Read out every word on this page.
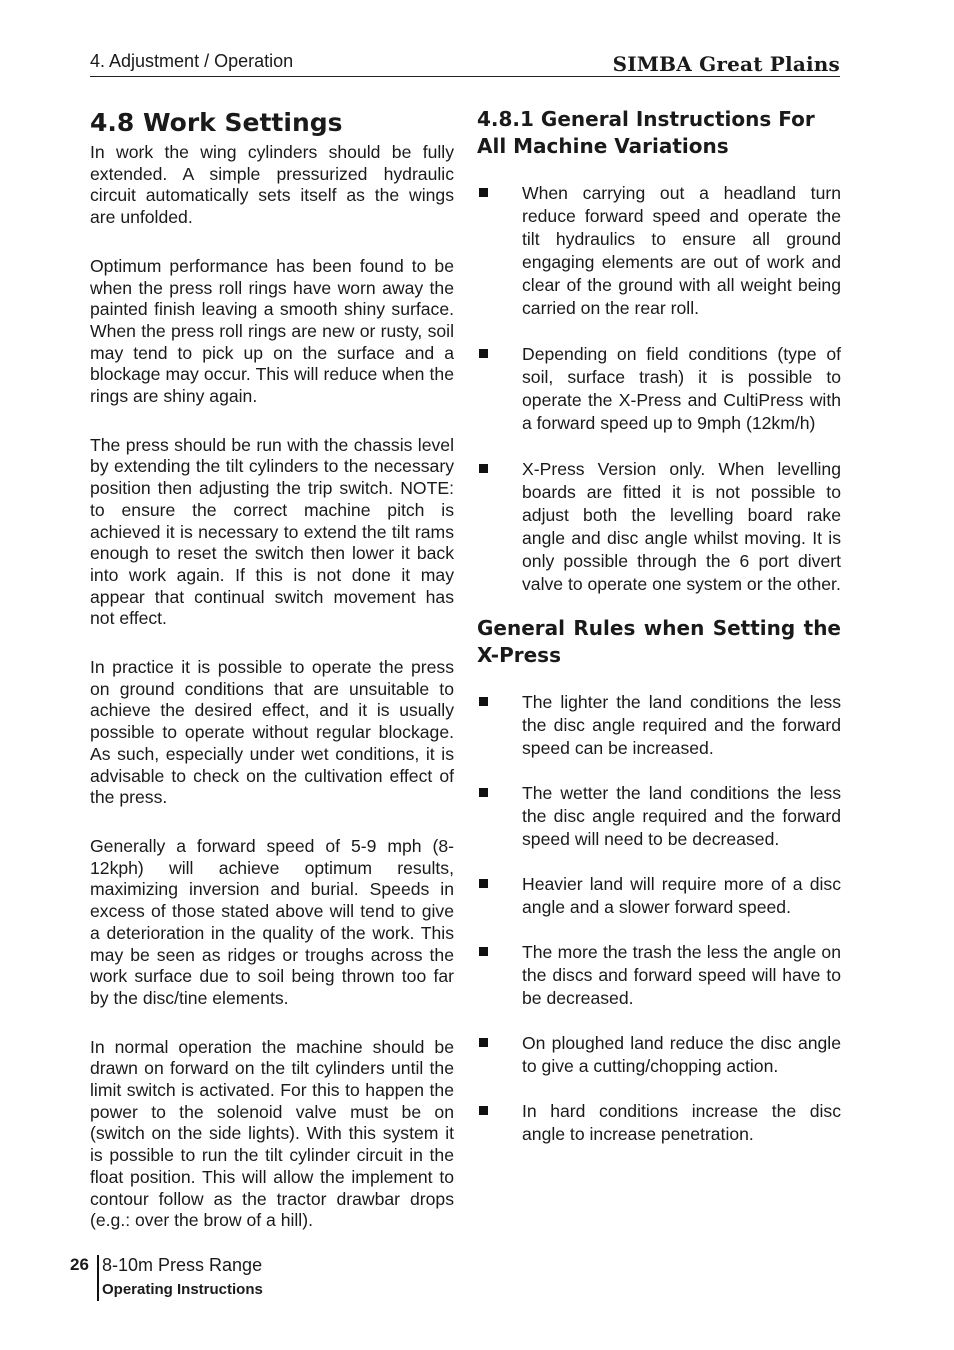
4. Adjustment / Operation	SIMBA Great Plains
4.8 Work Settings

In work the wing cylinders should be fully extended. A simple pressurized hydraulic circuit automatically sets itself as the wings are unfolded.

Optimum performance has been found to be when the press roll rings have worn away the painted finish leaving a smooth shiny surface. When the press roll rings are new or rusty, soil may tend to pick up on the surface and a blockage may occur. This will reduce when the rings are shiny again.

The press should be run with the chassis level by extending the tilt cylinders to the necessary position then adjusting the trip switch. NOTE: to ensure the correct machine pitch is achieved it is necessary to extend the tilt rams enough to reset the switch then lower it back into work again. If this is not done it may appear that continual switch movement has not effect.

In practice it is possible to operate the press on ground conditions that are unsuitable to achieve the desired effect, and it is usually possible to operate without regular blockage. As such, especially under wet conditions, it is advisable to check on the cultivation effect of the press.

Generally a forward speed of 5-9 mph (8-12kph) will achieve optimum results, maximizing inversion and burial. Speeds in excess of those stated above will tend to give a deterioration in the quality of the work. This may be seen as ridges or troughs across the work surface due to soil being thrown too far by the disc/tine elements.

In normal operation the machine should be drawn on forward on the tilt cylinders until the limit switch is activated. For this to happen the power to the solenoid valve must be on (switch on the side lights). With this system it is possible to run the tilt cylinder circuit in the float position. This will allow the implement to contour follow as the tractor drawbar drops (e.g.: over the brow of a hill).

4.8.1 General Instructions For All Machine Variations
When carrying out a headland turn reduce forward speed and operate the tilt hydraulics to ensure all ground engaging elements are out of work and clear of the ground with all weight being carried on the rear roll.
Depending on field conditions (type of soil, surface trash) it is possible to operate the X-Press and CultiPress with a forward speed up to 9mph (12km/h)
X-Press Version only. When levelling boards are fitted it is not possible to adjust both the levelling board rake angle and disc angle whilst moving. It is only possible through the 6 port divert valve to operate one system or the other.
General Rules when Setting the X-Press
The lighter the land conditions the less the disc angle required and the forward speed can be increased.
The wetter the land conditions the less the disc angle required and the forward speed will need to be decreased.
Heavier land will require more of a disc angle and a slower forward speed.
The more the trash the less the angle on the discs and forward speed will have to be decreased.
On ploughed land reduce the disc angle to give a cutting/chopping action.
In hard conditions increase the disc angle to increase penetration.
26 8-10m Press Range
Operating Instructions
